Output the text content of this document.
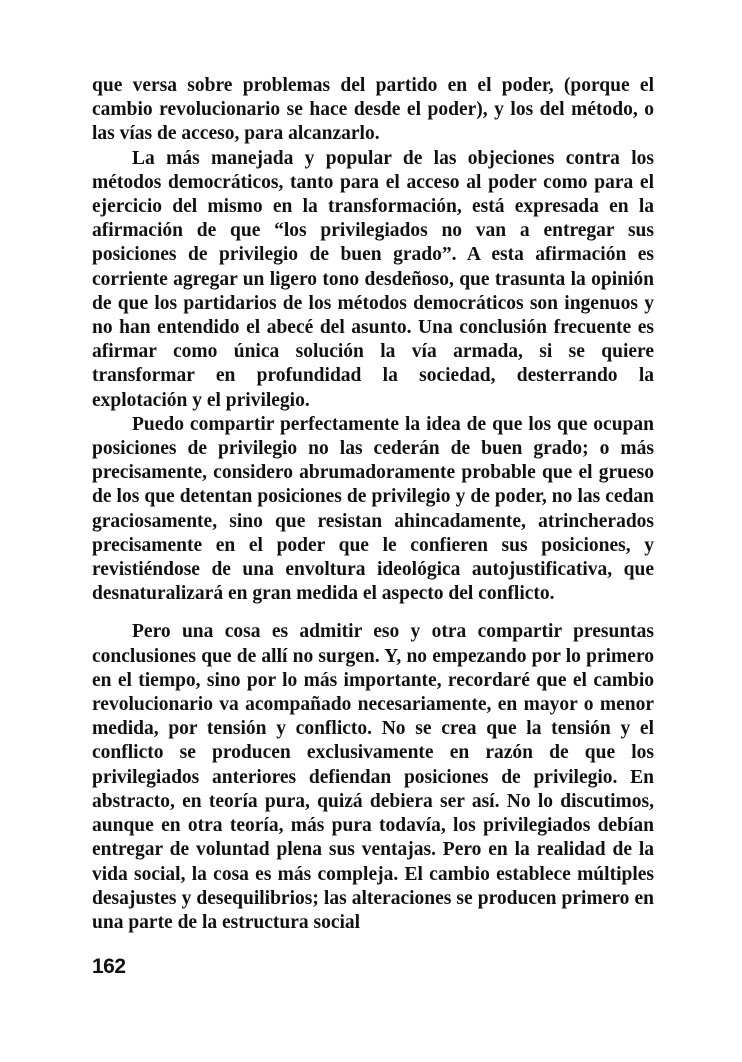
que versa sobre problemas del partido en el poder, (porque el cambio revolucionario se hace desde el poder), y los del método, o las vías de acceso, para alcanzarlo.

La más manejada y popular de las objeciones contra los métodos democráticos, tanto para el acceso al poder como para el ejercicio del mismo en la transformación, está expresada en la afirmación de que “los privilegiados no van a entregar sus posiciones de privilegio de buen grado”. A esta afirmación es corriente agregar un ligero tono desdeñoso, que trasunta la opinión de que los partidarios de los métodos democráticos son ingenuos y no han entendido el abecé del asunto. Una conclusión frecuente es afirmar como única solución la vía armada, si se quiere transformar en profundidad la sociedad, desterrando la explotación y el privilegio.

Puedo compartir perfectamente la idea de que los que ocupan posiciones de privilegio no las cederán de buen grado; o más precisamente, considero abrumadoramente probable que el grueso de los que detentan posiciones de privilegio y de poder, no las cedan graciosamente, sino que resistan ahincadamente, atrincherados precisamente en el poder que le confieren sus posiciones, y revistiéndose de una envoltura ideológica autojustificativa, que desnaturalizará en gran medida el aspecto del conflicto.

Pero una cosa es admitir eso y otra compartir presuntas conclusiones que de allí no surgen. Y, no empezando por lo primero en el tiempo, sino por lo más importante, recordaré que el cambio revolucionario va acompañado necesariamente, en mayor o menor medida, por tensión y conflicto. No se crea que la tensión y el conflicto se producen exclusivamente en razón de que los privilegiados anteriores defiendan posiciones de privilegio. En abstracto, en teoría pura, quizá debiera ser así. No lo discutimos, aunque en otra teoría, más pura todavía, los privilegiados debían entregar de voluntad plena sus ventajas. Pero en la realidad de la vida social, la cosa es más compleja. El cambio establece múltiples desajustes y desequilibrios; las alteraciones se producen primero en una parte de la estructura social

162
